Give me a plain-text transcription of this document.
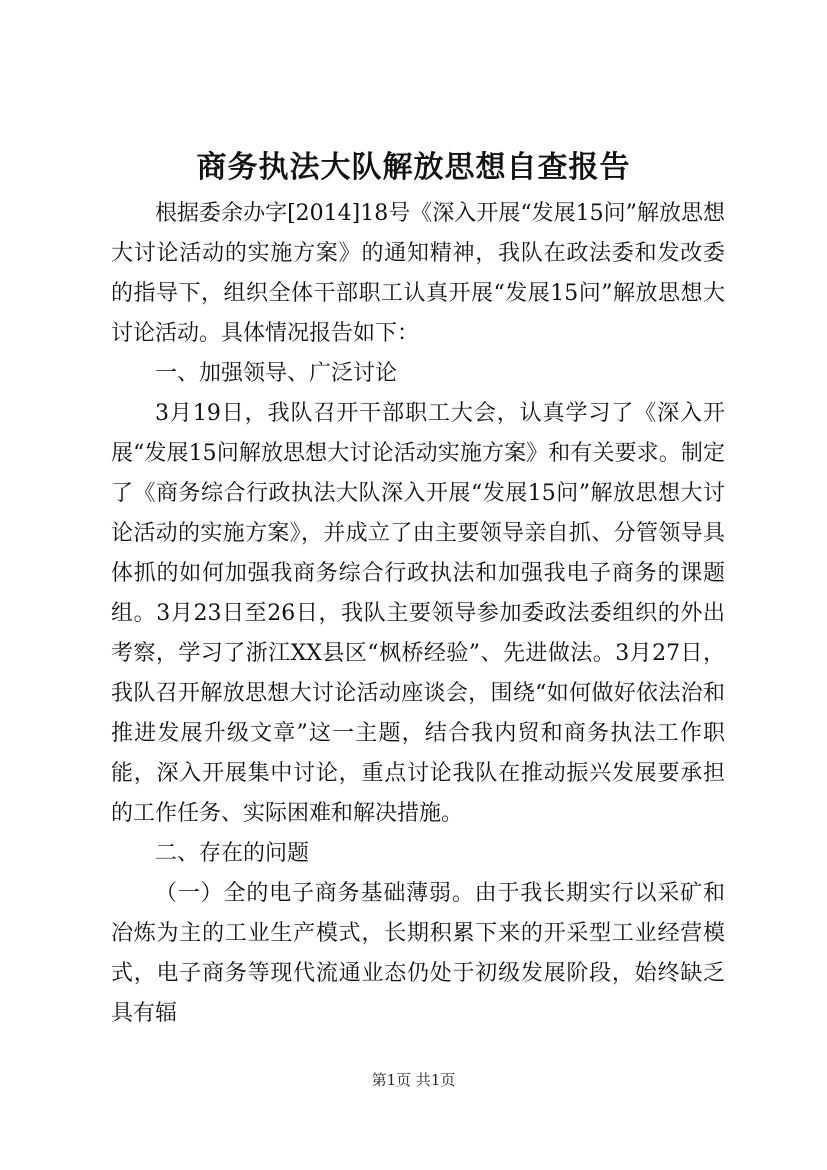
商务执法大队解放思想自查报告

根据委余办字[2014]18号《深入开展“发展15问”解放思想大讨论活动的实施方案》的通知精神，我队在政法委和发改委的指导下，组织全体干部职工认真开展“发展15问”解放思想大讨论活动。具体情况报告如下：

一、加强领导、广泛讨论

3月19日，我队召开干部职工大会，认真学习了《深入开展“发展15问解放思想大讨论活动实施方案》和有关要求。制定了《商务综合行政执法大队深入开展“发展15问”解放思想大讨论活动的实施方案》，并成立了由主要领导亲自抓、分管领导具体抓的如何加强我商务综合行政执法和加强我电子商务的课题组。3月23日至26日，我队主要领导参加委政法委组织的外出考察，学习了浙江XX县区“枫桥经验”、先进做法。3月27日，我队召开解放思想大讨论活动座谈会，围绕“如何做好依法治和推进发展升级文章”这一主题，结合我内贸和商务执法工作职能，深入开展集中讨论，重点讨论我队在推动振兴发展要承担的工作任务、实际困难和解决措施。

二、存在的问题

（一）全的电子商务基础薄弱。由于我长期实行以采矿和冶炼为主的工业生产模式，长期积累下来的开采型工业经营模式，电子商务等现代流通业态仍处于初级发展阶段，始终缺乏具有辐

第1页 共1页
